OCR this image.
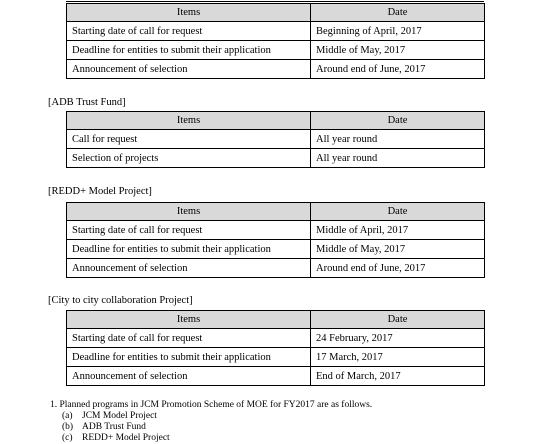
Items	Date
Starting date of call for request	Beginning of April, 2017
Deadline for entities to submit their application	Middle of May, 2017
Announcement of selection	Around end of June, 2017
[ADB Trust Fund]
Items	Date
Call for request	All year round
Selection of projects	All year round
[REDD+ Model Project]
Items	Date
Starting date of call for request	Middle of April, 2017
Deadline for entities to submit their application	Middle of May, 2017
Announcement of selection	Around end of June, 2017
[City to city collaboration Project]
Items	Date
Starting date of call for request	24 February, 2017
Deadline for entities to submit their application	17 March, 2017
Announcement of selection	End of March, 2017
1. Planned programs in JCM Promotion Scheme of MOE for FY2017 are as follows.
(a) JCM Model Project
(b) ADB Trust Fund
(c) REDD+ Model Project
